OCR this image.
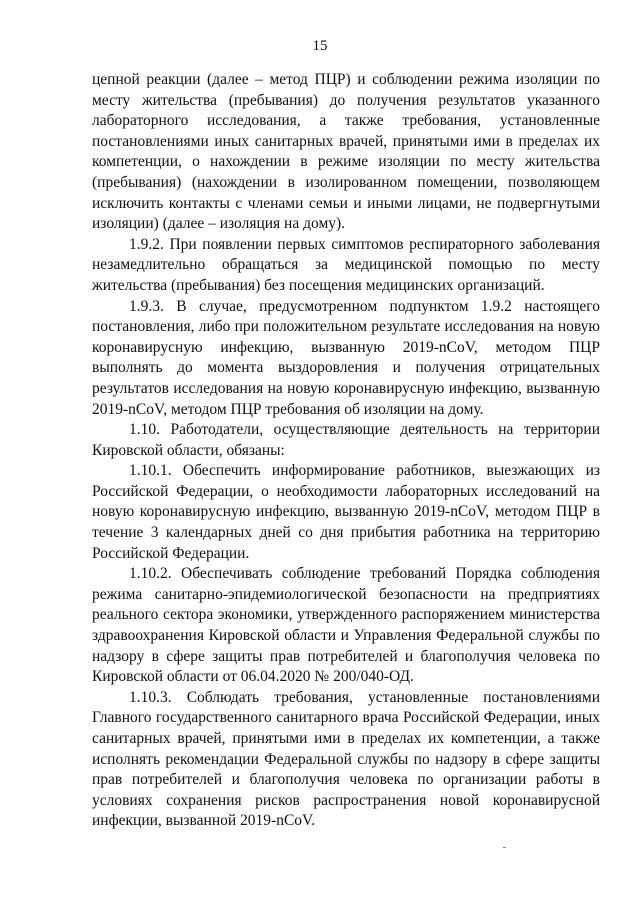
15

цепной реакции (далее – метод ПЦР) и соблюдении режима изоляции по месту жительства (пребывания) до получения результатов указанного лабораторного исследования, а также требования, установленные постановлениями иных санитарных врачей, принятыми ими в пределах их компетенции, о нахождении в режиме изоляции по месту жительства (пребывания) (нахождении в изолированном помещении, позволяющем исключить контакты с членами семьи и иными лицами, не подвергнутыми изоляции) (далее – изоляция на дому).

1.9.2. При появлении первых симптомов респираторного заболевания незамедлительно обращаться за медицинской помощью по месту жительства (пребывания) без посещения медицинских организаций.

1.9.3. В случае, предусмотренном подпунктом 1.9.2 настоящего постановления, либо при положительном результате исследования на новую коронавирусную инфекцию, вызванную 2019-nCoV, методом ПЦР выполнять до момента выздоровления и получения отрицательных результатов исследования на новую коронавирусную инфекцию, вызванную 2019-nCoV, методом ПЦР требования об изоляции на дому.

1.10. Работодатели, осуществляющие деятельность на территории Кировской области, обязаны:

1.10.1. Обеспечить информирование работников, выезжающих из Российской Федерации, о необходимости лабораторных исследований на новую коронавирусную инфекцию, вызванную 2019-nCoV, методом ПЦР в течение 3 календарных дней со дня прибытия работника на территорию Российской Федерации.

1.10.2. Обеспечивать соблюдение требований Порядка соблюдения режима санитарно-эпидемиологической безопасности на предприятиях реального сектора экономики, утвержденного распоряжением министерства здравоохранения Кировской области и Управления Федеральной службы по надзору в сфере защиты прав потребителей и благополучия человека по Кировской области от 06.04.2020 № 200/040-ОД.

1.10.3. Соблюдать требования, установленные постановлениями Главного государственного санитарного врача Российской Федерации, иных санитарных врачей, принятыми ими в пределах их компетенции, а также исполнять рекомендации Федеральной службы по надзору в сфере защиты прав потребителей и благополучия человека по организации работы в условиях сохранения рисков распространения новой коронавирусной инфекции, вызванной 2019-nCoV.
